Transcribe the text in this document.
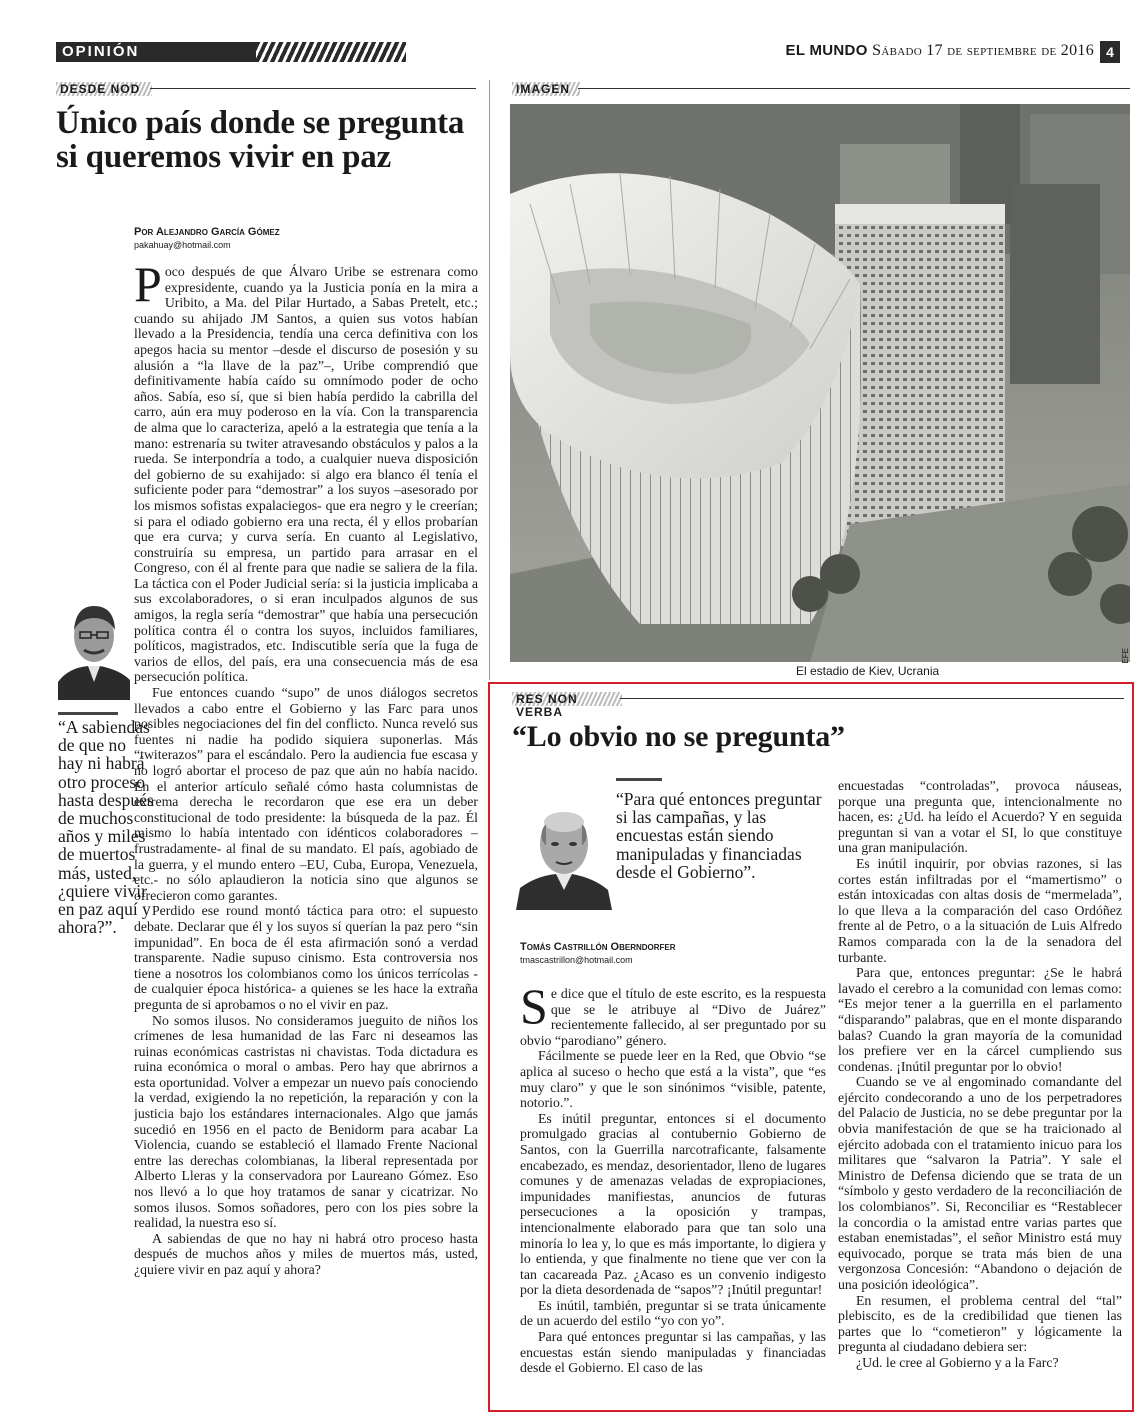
OPINIÓN	EL MUNDO Sábado 17 de septiembre de 2016 4
DESDE NOD
Único país donde se pregunta si queremos vivir en paz
Por Alejandro García Gómez
pakahuay@hotmail.com
“A sabiendas de que no hay ni habrá otro proceso hasta después de muchos años y miles de muertos más, usted, ¿quiere vivir en paz aquí y ahora?”.

Poco después de que Álvaro Uribe se estrenara como expresidente, cuando ya la Justicia ponía en la mira a Uribito, a Ma. del Pilar Hurtado, a Sabas Pretelt, etc.; cuando su ahijado JM Santos, a quien sus votos habían llevado a la Presidencia, tendía una cerca definitiva con los apegos hacia su mentor –desde el discurso de posesión y su alusión a “la llave de la paz”–, Uribe comprendió que definitivamente había caído su omnímodo poder de ocho años. Sabía, eso sí, que si bien había perdido la cabrilla del carro, aún era muy poderoso en la vía. Con la transparencia de alma que lo caracteriza, apeló a la estrategia que tenía a la mano: estrenaría su twiter atravesando obstáculos y palos a la rueda. Se interpondría a todo, a cualquier nueva disposición del gobierno de su exahijado: si algo era blanco él tenía el suficiente poder para “demostrar” a los suyos –asesorado por los mismos sofistas expalaciegos- que era negro y le creerían; si para el odiado gobierno era una recta, él y ellos probarían que era curva; y curva sería. En cuanto al Legislativo, construiría su empresa, un partido para arrasar en el Congreso, con él al frente para que nadie se saliera de la fila. La táctica con el Poder Judicial sería: si la justicia implicaba a sus excolaboradores, o si eran inculpados algunos de sus amigos, la regla sería “demostrar” que había una persecución política contra él o contra los suyos, incluidos familiares, políticos, magistrados, etc. Indiscutible sería que la fuga de varios de ellos, del país, era una consecuencia más de esa persecución política.

Fue entonces cuando “supo” de unos diálogos secretos llevados a cabo entre el Gobierno y las Farc para unos posibles negociaciones del fin del conflicto. Nunca reveló sus fuentes ni nadie ha podido siquiera suponerlas. Más “twiterazos” para el escándalo. Pero la audiencia fue escasa y no logró abortar el proceso de paz que aún no había nacido. En el anterior artículo señalé cómo hasta columnistas de extrema derecha le recordaron que ese era un deber constitucional de todo presidente: la búsqueda de la paz. Él mismo lo había intentado con idénticos colaboradores –frustradamente- al final de su mandato. El país, agobiado de la guerra, y el mundo entero –EU, Cuba, Europa, Venezuela, etc.- no sólo aplaudieron la noticia sino que algunos se ofrecieron como garantes.

Perdido ese round montó táctica para otro: el supuesto debate. Declarar que él y los suyos sí querían la paz pero “sin impunidad”. En boca de él esta afirmación sonó a verdad transparente. Nadie supuso cinismo. Esta controversia nos tiene a nosotros los colombianos como los únicos terrícolas -de cualquier época histórica- a quienes se les hace la extraña pregunta de si aprobamos o no el vivir en paz.

No somos ilusos. No consideramos jueguito de niños los crímenes de lesa humanidad de las Farc ni deseamos las ruinas económicas castristas ni chavistas. Toda dictadura es ruina económica o moral o ambas. Pero hay que abrirnos a esta oportunidad. Volver a empezar un nuevo país conociendo la verdad, exigiendo la no repetición, la reparación y con la justicia bajo los estándares internacionales. Algo que jamás sucedió en 1956 en el pacto de Benidorm para acabar La Violencia, cuando se estableció el llamado Frente Nacional entre las derechas colombianas, la liberal representada por Alberto Lleras y la conservadora por Laureano Gómez. Eso nos llevó a lo que hoy tratamos de sanar y cicatrizar. No somos ilusos. Somos soñadores, pero con los pies sobre la realidad, la nuestra eso sí.

A sabiendas de que no hay ni habrá otro proceso hasta después de muchos años y miles de muertos más, usted, ¿quiere vivir en paz aquí y ahora?

IMAGEN
El estadio de Kiev, Ucrania
EFE
RES NON VERBA
“Lo obvio no se pregunta”
“Para qué entonces preguntar si las campañas, y las encuestas están siendo manipuladas y financiadas desde el Gobierno”.
Tomás Castrillón Oberndorfer
tmascastrillon@hotmail.com

Se dice que el título de este escrito, es la respuesta que se le atribuye al “Divo de Juárez” recientemente fallecido, al ser preguntado por su obvio “parodiano” género.

Fácilmente se puede leer en la Red, que Obvio “se aplica al suceso o hecho que está a la vista”, que “es muy claro” y que le son sinónimos “visible, patente, notorio.”.

Es inútil preguntar, entonces si el documento promulgado gracias al contubernio Gobierno de Santos, con la Guerrilla narcotraficante, falsamente encabezado, es mendaz, desorientador, lleno de lugares comunes y de amenazas veladas de expropiaciones, impunidades manifiestas, anuncios de futuras persecuciones a la oposición y trampas, intencionalmente elaborado para que tan solo una minoría lo lea y, lo que es más importante, lo digiera y lo entienda, y que finalmente no tiene que ver con la tan cacareada Paz. ¿Acaso es un convenio indigesto por la dieta desordenada de “sapos”? ¡Inútil preguntar!

Es inútil, también, preguntar si se trata únicamente de un acuerdo del estilo “yo con yo”.

Para qué entonces preguntar si las campañas, y las encuestas están siendo manipuladas y financiadas desde el Gobierno. El caso de las

encuestadas “controladas”, provoca náuseas, porque una pregunta que, intencionalmente no hacen, es: ¿Ud. ha leído el Acuerdo? Y en seguida preguntan si van a votar el SI, lo que constituye una gran manipulación.

Es inútil inquirir, por obvias razones, si las cortes están infiltradas por el “mamertismo” o están intoxicadas con altas dosis de “mermelada”, lo que lleva a la comparación del caso Ordóñez frente al de Petro, o a la situación de Luis Alfredo Ramos comparada con la de la senadora del turbante.

Para que, entonces preguntar: ¿Se le habrá lavado el cerebro a la comunidad con lemas como: “Es mejor tener a la guerrilla en el parlamento “disparando” palabras, que en el monte disparando balas? Cuando la gran mayoría de la comunidad los prefiere ver en la cárcel cumpliendo sus condenas. ¡Inútil preguntar por lo obvio!

Cuando se ve al engominado comandante del ejército condecorando a uno de los perpetradores del Palacio de Justicia, no se debe preguntar por la obvia manifestación de que se ha traicionado al ejército adobada con el tratamiento inicuo para los militares que “salvaron la Patria”. Y sale el Ministro de Defensa diciendo que se trata de un “símbolo y gesto verdadero de la reconciliación de los colombianos”. Si, Reconciliar es “Restablecer la concordia o la amistad entre varias partes que estaban enemistadas”, el señor Ministro está muy equivocado, porque se trata más bien de una vergonzosa Concesión: “Abandono o dejación de una posición ideológica”.

En resumen, el problema central del “tal” plebiscito, es de la credibilidad que tienen las partes que lo “cometieron” y lógicamente la pregunta al ciudadano debiera ser:

¿Ud. le cree al Gobierno y a la Farc?
